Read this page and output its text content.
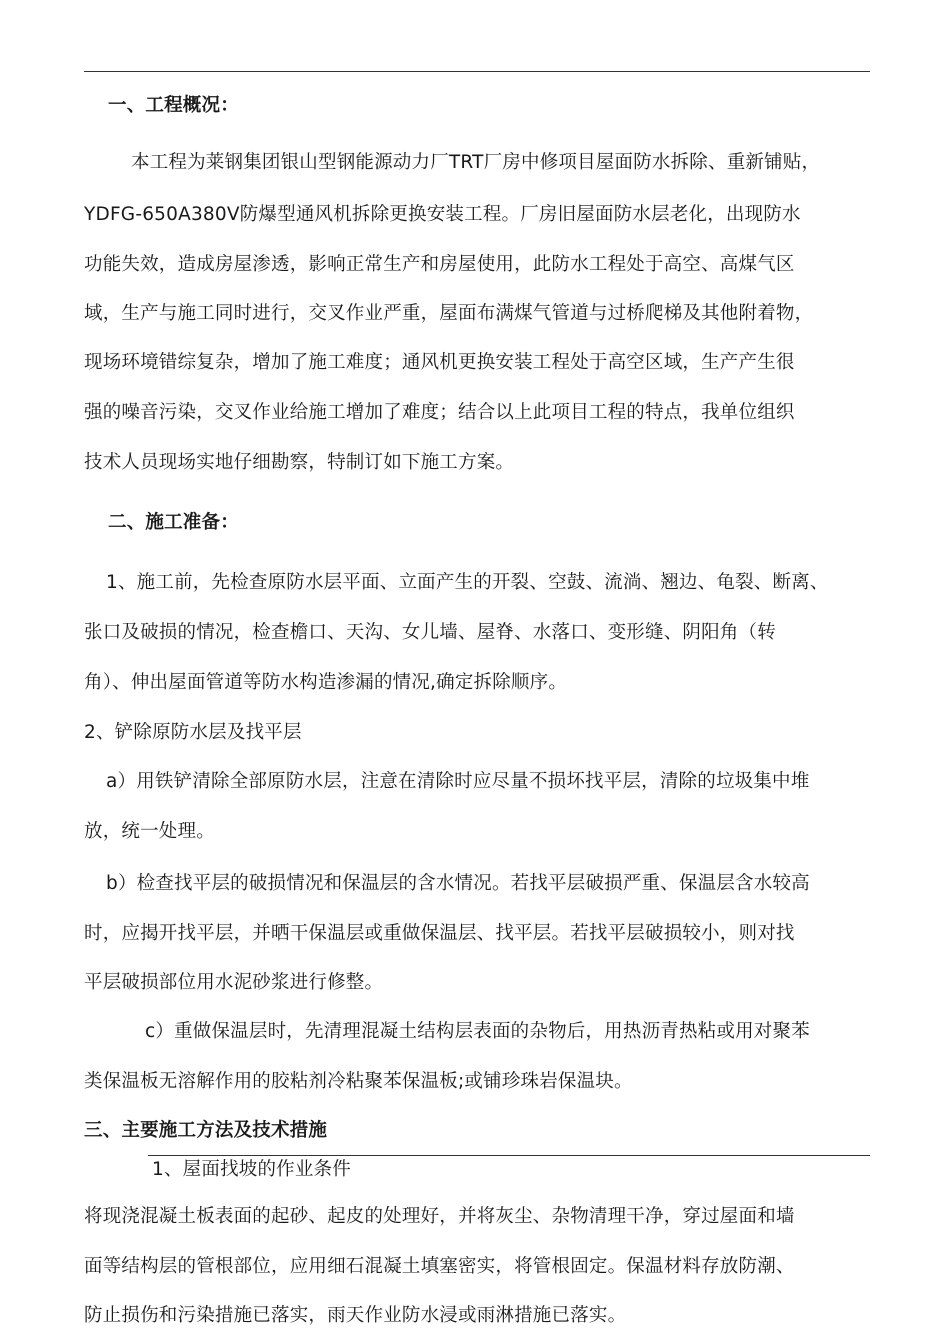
一、工程概况：
本工程为莱钢集团银山型钢能源动力厂TRT厂房中修项目屋面防水拆除、重新铺贴，
YDFG-650A380V防爆型通风机拆除更换安装工程。厂房旧屋面防水层老化，出现防水
功能失效，造成房屋渗透，影响正常生产和房屋使用，此防水工程处于高空、高煤气区
域，生产与施工同时进行，交叉作业严重，屋面布满煤气管道与过桥爬梯及其他附着物，
现场环境错综复杂，增加了施工难度；通风机更换安装工程处于高空区域，生产产生很
强的噪音污染，交叉作业给施工增加了难度；结合以上此项目工程的特点，我单位组织
技术人员现场实地仔细勘察，特制订如下施工方案。
二、施工准备：
1、施工前，先检查原防水层平面、立面产生的开裂、空鼓、流淌、翘边、龟裂、断离、
张口及破损的情况，检查檐口、天沟、女儿墙、屋脊、水落口、变形缝、阴阳角（转
角）、伸出屋面管道等防水构造渗漏的情况,确定拆除顺序。
2、铲除原防水层及找平层
a）用铁铲清除全部原防水层，注意在清除时应尽量不损坏找平层，清除的垃圾集中堆
放，统一处理。
b）检查找平层的破损情况和保温层的含水情况。若找平层破损严重、保温层含水较高
时，应揭开找平层，并晒干保温层或重做保温层、找平层。若找平层破损较小，则对找
平层破损部位用水泥砂浆进行修整。
c）重做保温层时，先清理混凝土结构层表面的杂物后，用热沥青热粘或用对聚苯
类保温板无溶解作用的胶粘剂冷粘聚苯保温板;或铺珍珠岩保温块。
三、主要施工方法及技术措施
1、屋面找坡的作业条件
将现浇混凝土板表面的起砂、起皮的处理好，并将灰尘、杂物清理干净，穿过屋面和墙
面等结构层的管根部位，应用细石混凝土填塞密实，将管根固定。保温材料存放防潮、
防止损伤和污染措施已落实，雨天作业防水浸或雨淋措施已落实。
